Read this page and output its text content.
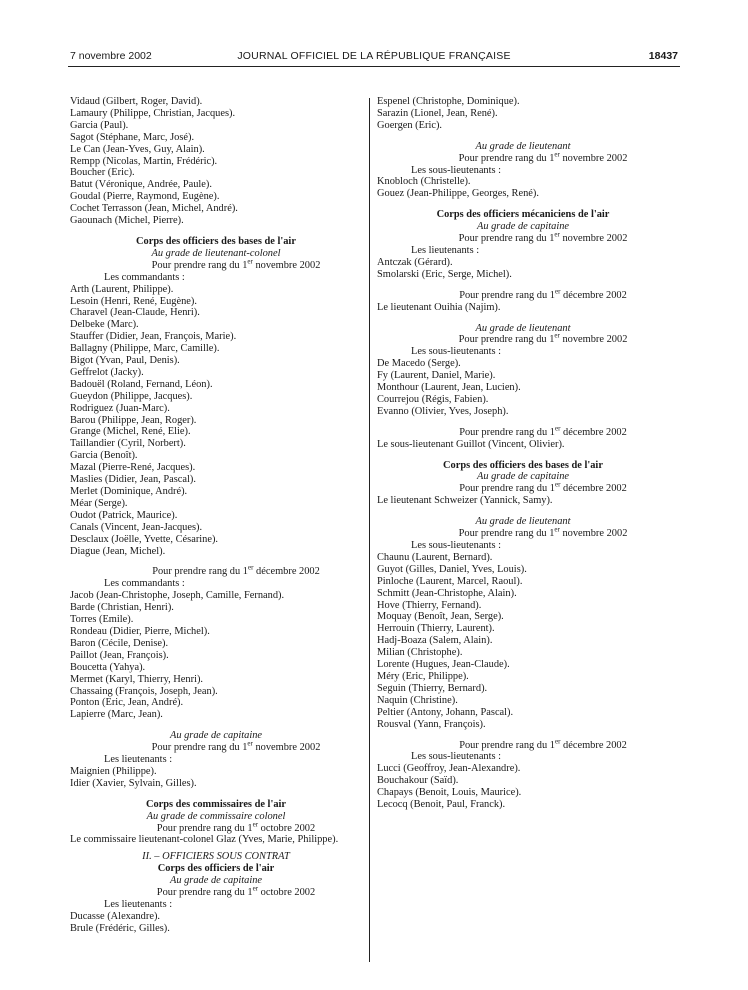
7 novembre 2002	JOURNAL OFFICIEL DE LA RÉPUBLIQUE FRANÇAISE	18437
Vidaud (Gilbert, Roger, David).
Lamaury (Philippe, Christian, Jacques).
Garcia (Paul).
Sagot (Stéphane, Marc, José).
Le Can (Jean-Yves, Guy, Alain).
Rempp (Nicolas, Martin, Frédéric).
Boucher (Eric).
Batut (Véronique, Andrée, Paule).
Goudal (Pierre, Raymond, Eugène).
Cochet Terrasson (Jean, Michel, André).
Gaounach (Michel, Pierre).
Corps des officiers des bases de l'air
Au grade de lieutenant-colonel
Pour prendre rang du 1er novembre 2002
Les commandants :
Arth (Laurent, Philippe).
Lesoin (Henri, René, Eugène).
Charavel (Jean-Claude, Henri).
Delbeke (Marc).
Stauffer (Didier, Jean, François, Marie).
Ballagny (Philippe, Marc, Camille).
Bigot (Yvan, Paul, Denis).
Geffrelot (Jacky).
Badouël (Roland, Fernand, Léon).
Gueydon (Philippe, Jacques).
Rodriguez (Juan-Marc).
Barou (Philippe, Jean, Roger).
Grange (Michel, René, Elie).
Taillandier (Cyril, Norbert).
Garcia (Benoît).
Mazal (Pierre-René, Jacques).
Maslies (Didier, Jean, Pascal).
Merlet (Dominique, André).
Méar (Serge).
Oudot (Patrick, Maurice).
Canals (Vincent, Jean-Jacques).
Desclaux (Joëlle, Yvette, Césarine).
Diague (Jean, Michel).
Pour prendre rang du 1er décembre 2002
Les commandants :
Jacob (Jean-Christophe, Joseph, Camille, Fernand).
Barde (Christian, Henri).
Torres (Emile).
Rondeau (Didier, Pierre, Michel).
Baron (Cécile, Denise).
Paillot (Jean, François).
Boucetta (Yahya).
Mermet (Karyl, Thierry, Henri).
Chassaing (François, Joseph, Jean).
Ponton (Eric, Jean, André).
Lapierre (Marc, Jean).
Au grade de capitaine
Pour prendre rang du 1er novembre 2002
Les lieutenants :
Maignien (Philippe).
Idier (Xavier, Sylvain, Gilles).
Corps des commissaires de l'air
Au grade de commissaire colonel
Pour prendre rang du 1er octobre 2002
Le commissaire lieutenant-colonel Glaz (Yves, Marie, Philippe).
II. – OFFICIERS SOUS CONTRAT
Corps des officiers de l'air
Au grade de capitaine
Pour prendre rang du 1er octobre 2002
Les lieutenants :
Ducasse (Alexandre).
Brule (Frédéric, Gilles).
Espenel (Christophe, Dominique).
Sarazin (Lionel, Jean, René).
Goergen (Eric).
Au grade de lieutenant
Pour prendre rang du 1er novembre 2002
Les sous-lieutenants :
Knobloch (Christelle).
Gouez (Jean-Philippe, Georges, René).
Corps des officiers mécaniciens de l'air
Au grade de capitaine
Pour prendre rang du 1er novembre 2002
Les lieutenants :
Antczak (Gérard).
Smolarski (Eric, Serge, Michel).
Pour prendre rang du 1er décembre 2002
Le lieutenant Ouihia (Najim).
Au grade de lieutenant
Pour prendre rang du 1er novembre 2002
Les sous-lieutenants :
De Macedo (Serge).
Fy (Laurent, Daniel, Marie).
Monthour (Laurent, Jean, Lucien).
Courrejou (Régis, Fabien).
Evanno (Olivier, Yves, Joseph).
Pour prendre rang du 1er décembre 2002
Le sous-lieutenant Guillot (Vincent, Olivier).
Corps des officiers des bases de l'air
Au grade de capitaine
Pour prendre rang du 1er décembre 2002
Le lieutenant Schweizer (Yannick, Samy).
Au grade de lieutenant
Pour prendre rang du 1er novembre 2002
Les sous-lieutenants :
Chaunu (Laurent, Bernard).
Guyot (Gilles, Daniel, Yves, Louis).
Pinloche (Laurent, Marcel, Raoul).
Schmitt (Jean-Christophe, Alain).
Hove (Thierry, Fernand).
Moquay (Benoît, Jean, Serge).
Herrouin (Thierry, Laurent).
Hadj-Boaza (Salem, Alain).
Milian (Christophe).
Lorente (Hugues, Jean-Claude).
Méry (Eric, Philippe).
Seguin (Thierry, Bernard).
Naquin (Christine).
Peltier (Antony, Johann, Pascal).
Rousval (Yann, François).
Pour prendre rang du 1er décembre 2002
Les sous-lieutenants :
Lucci (Geoffroy, Jean-Alexandre).
Bouchakour (Saïd).
Chapays (Benoit, Louis, Maurice).
Lecocq (Benoit, Paul, Franck).
